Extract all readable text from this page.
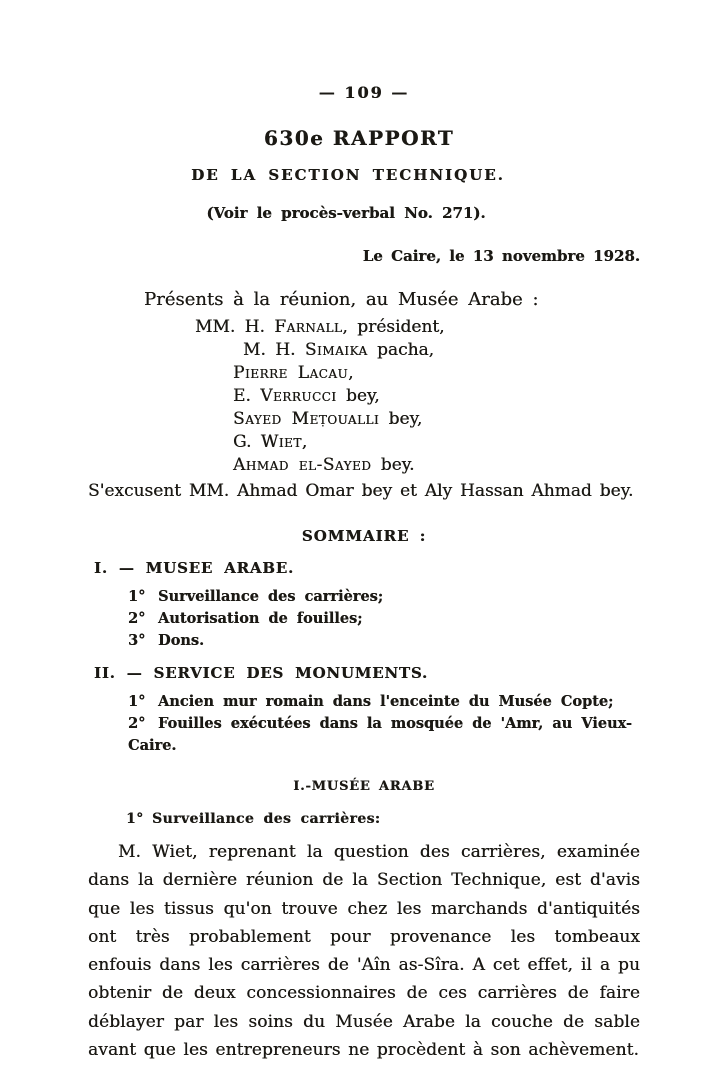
— 109 —
630e RAPPORT
DE LA SECTION TECHNIQUE.
(Voir le procès-verbal No. 271).
Le Caire, le 13 novembre 1928.
Présents à la réunion, au Musée Arabe :
MM. H. Farnall, président,
M. H. Simaika pacha,
Pierre Lacau,
E. Verrucci bey,
Sayed Meṭoualli bey,
G. Wiet,
Ahmad el-Sayed bey.
S'excusent MM. Ahmad Omar bey et Aly Hassan Ahmad bey.
SOMMAIRE :
I. — MUSEE ARABE.
1° Surveillance des carrières;
2° Autorisation de fouilles;
3° Dons.
II. — SERVICE DES MONUMENTS.
1° Ancien mur romain dans l'enceinte du Musée Copte;
2° Fouilles exécutées dans la mosquée de 'Amr, au Vieux-Caire.
I.-MUSÉE ARABE
1° Surveillance des carrières:
M. Wiet, reprenant la question des carrières, examinée dans la dernière réunion de la Section Technique, est d'avis que les tissus qu'on trouve chez les marchands d'antiquités ont très probablement pour provenance les tombeaux enfouis dans les carrières de 'Aîn as-Sîra. A cet effet, il a pu obtenir de deux concessionnaires de ces carrières de faire déblayer par les soins du Musée Arabe la couche de sable avant que les entrepreneurs ne procèdent à son achèvement.
